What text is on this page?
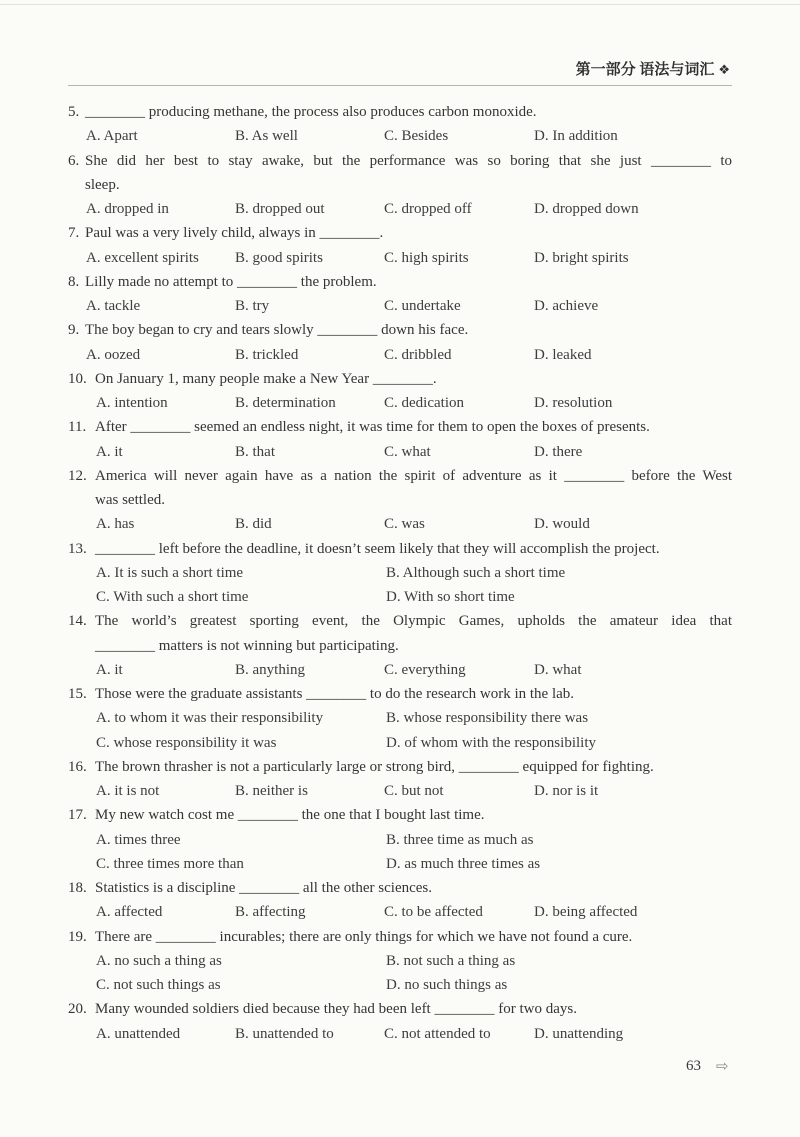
第一部分 语法与词汇 ❖
5. ________ producing methane, the process also produces carbon monoxide.
A. Apart	B. As well	C. Besides	D. In addition
6. She did her best to stay awake, but the performance was so boring that she just ________ to
sleep.
A. dropped in	B. dropped out	C. dropped off	D. dropped down
7. Paul was a very lively child, always in ________.
A. excellent spirits B. good spirits	C. high spirits	D. bright spirits
8. Lilly made no attempt to ________ the problem.
A. tackle	B. try	C. undertake	D. achieve
9. The boy began to cry and tears slowly ________ down his face.
A. oozed	B. trickled	C. dribbled	D. leaked
10. On January 1, many people make a New Year ________.
A. intention	B. determination	C. dedication	D. resolution
11. After ________ seemed an endless night, it was time for them to open the boxes of presents.
A. it	B. that	C. what	D. there
12. America will never again have as a nation the spirit of adventure as it ________ before the West
was settled.
A. has	B. did	C. was	D. would
13. ________ left before the deadline, it doesn’t seem likely that they will accomplish the project.
A. It is such a short time	B. Although such a short time
C. With such a short time	D. With so short time
14. The world’s greatest sporting event, the Olympic Games, upholds the amateur idea that
________ matters is not winning but participating.
A. it	B. anything	C. everything	D. what
15. Those were the graduate assistants ________ to do the research work in the lab.
A. to whom it was their responsibility	B. whose responsibility there was
C. whose responsibility it was	D. of whom with the responsibility
16. The brown thrasher is not a particularly large or strong bird, ________ equipped for fighting.
A. it is not	B. neither is	C. but not	D. nor is it
17. My new watch cost me ________ the one that I bought last time.
A. times three	B. three time as much as
C. three times more than	D. as much three times as
18. Statistics is a discipline ________ all the other sciences.
A. affected	B. affecting	C. to be affected	D. being affected
19. There are ________ incurables; there are only things for which we have not found a cure.
A. no such a thing as	B. not such a thing as
C. not such things as	D. no such things as
20. Many wounded soldiers died because they had been left ________ for two days.
A. unattended	B. unattended to	C. not attended to	D. unattending
63 ⇨
